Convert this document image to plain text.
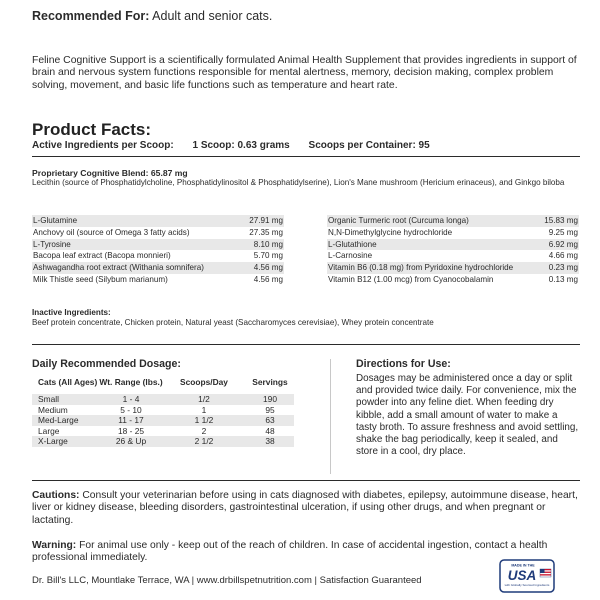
Recommended For: Adult and senior cats.
Feline Cognitive Support is a scientifically formulated Animal Health Supplement that provides ingredients in support of brain and nervous system functions responsible for mental alertness, memory, decision making, complex problem solving, movement, and basic life functions such as temperature and heart rate.
Product Facts:
Active Ingredients per Scoop: 1 Scoop: 0.63 grams Scoops per Container: 95
Proprietary Cognitive Blend: 65.87 mg
Lecithin (source of Phosphatidylcholine, Phosphatidylinositol & Phosphatidylserine), Lion's Mane mushroom (Hericium erinaceus), and Ginkgo biloba
L-Glutamine	27.91 mg
Anchovy oil (source of Omega 3 fatty acids)	27.35 mg
L-Tyrosine	8.10 mg
Bacopa leaf extract (Bacopa monnieri)	5.70 mg
Ashwagandha root extract (Withania somnifera)	4.56 mg
Milk Thistle seed (Silybum marianum)	4.56 mg
Organic Turmeric root (Curcuma longa)	15.83 mg
N,N-Dimethylglycine hydrochloride	9.25 mg
L-Glutathione	6.92 mg
L-Carnosine	4.66 mg
Vitamin B6 (0.18 mg) from Pyridoxine hydrochloride	0.23 mg
Vitamin B12 (1.00 mcg) from Cyanocobalamin	0.13 mg
Inactive Ingredients:
Beef protein concentrate, Chicken protein, Natural yeast (Saccharomyces cerevisiae), Whey protein concentrate
Daily Recommended Dosage:
Cats (All Ages) Wt. Range (lbs.)	Scoops/Day	Servings
Small	1 - 4	1/2	190
Medium	5 - 10	1	95
Med-Large	11 - 17	1 1/2	63
Large	18 - 25	2	48
X-Large	26 & Up	2 1/2	38
Directions for Use:
Dosages may be administered once a day or split and provided twice daily. For convenience, mix the powder into any feline diet. When feeding dry kibble, add a small amount of water to make a tasty broth. To assure freshness and avoid settling, shake the bag periodically, keep it sealed, and store in a cool, dry place.
Cautions: Consult your veterinarian before using in cats diagnosed with diabetes, epilepsy, autoimmune disease, heart, liver or kidney disease, bleeding disorders, gastrointestinal ulceration, if using other drugs, and when pregnant or lactating.
Warning: For animal use only - keep out of the reach of children. In case of accidental ingestion, contact a health professional immediately.
Dr. Bill's LLC, Mountlake Terrace, WA | www.drbillspetnutrition.com | Satisfaction Guaranteed
MADE IN THE
USA
with Globally Sourced Ingredients
